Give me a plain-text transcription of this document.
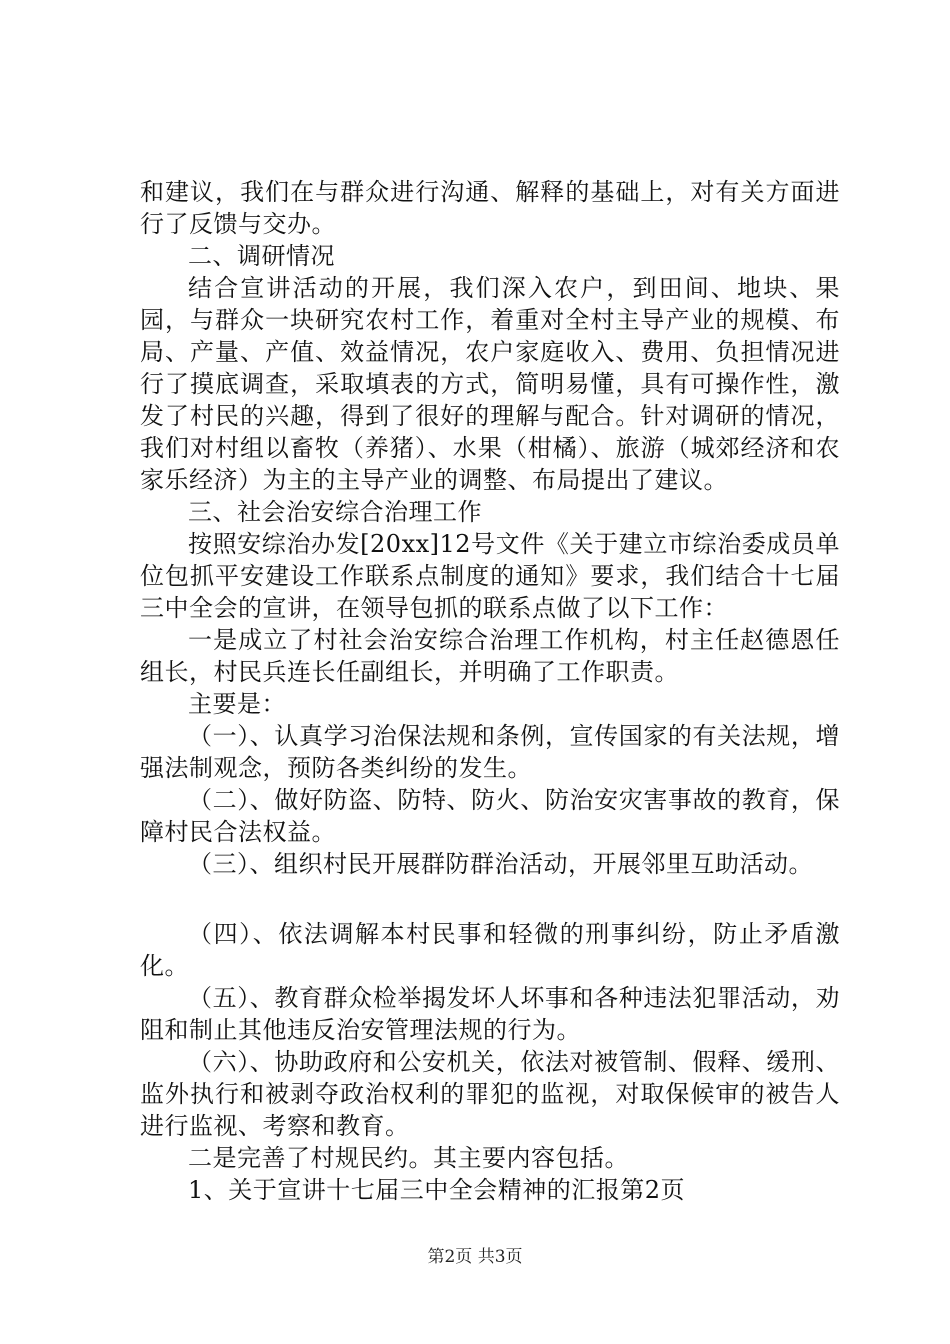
和建议，我们在与群众进行沟通、解释的基础上，对有关方面进行了反馈与交办。

二、调研情况

结合宣讲活动的开展，我们深入农户，到田间、地块、果园，与群众一块研究农村工作，着重对全村主导产业的规模、布局、产量、产值、效益情况，农户家庭收入、费用、负担情况进行了摸底调查，采取填表的方式，简明易懂，具有可操作性，激发了村民的兴趣，得到了很好的理解与配合。针对调研的情况，我们对村组以畜牧（养猪）、水果（柑橘）、旅游（城郊经济和农家乐经济）为主的主导产业的调整、布局提出了建议。

三、社会治安综合治理工作

按照安综治办发[20xx]12号文件《关于建立市综治委成员单位包抓平安建设工作联系点制度的通知》要求，我们结合十七届三中全会的宣讲，在领导包抓的联系点做了以下工作：

一是成立了村社会治安综合治理工作机构，村主任赵德恩任组长，村民兵连长任副组长，并明确了工作职责。

主要是：

（一）、认真学习治保法规和条例，宣传国家的有关法规，增强法制观念，预防各类纠纷的发生。

（二）、做好防盗、防特、防火、防治安灾害事故的教育，保障村民合法权益。

（三）、组织村民开展群防群治活动，开展邻里互助活动。

（四）、依法调解本村民事和轻微的刑事纠纷，防止矛盾激化。

（五）、教育群众检举揭发坏人坏事和各种违法犯罪活动，劝阻和制止其他违反治安管理法规的行为。

（六）、协助政府和公安机关，依法对被管制、假释、缓刑、监外执行和被剥夺政治权利的罪犯的监视，对取保候审的被告人进行监视、考察和教育。

二是完善了村规民约。其主要内容包括。

1、关于宣讲十七届三中全会精神的汇报第2页

第2页 共3页
